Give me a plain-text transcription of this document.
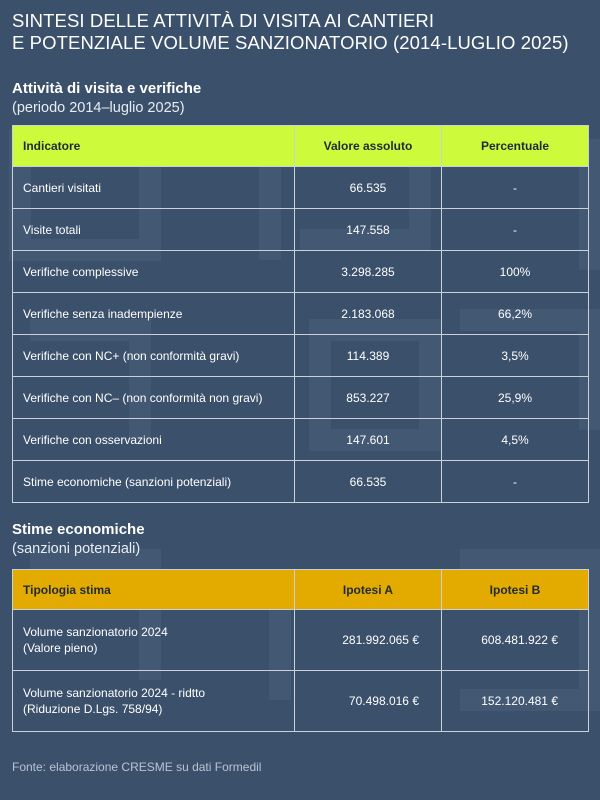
SINTESI DELLE ATTIVITÀ DI VISITA AI CANTIERI
E POTENZIALE VOLUME SANZIONATORIO (2014-LUGLIO 2025)
Attività di visita e verifiche
(periodo 2014–luglio 2025)
Indicatore	Valore assoluto	Percentuale
Cantieri visitati	66.535	-
Visite totali	147.558	-
Verifiche complessive	3.298.285	100%
Verifiche senza inadempienze	2.183.068	66,2%
Verifiche con NC+ (non conformità gravi)	114.389	3,5%
Verifiche con NC– (non conformità non gravi)	853.227	25,9%
Verifiche con osservazioni	147.601	4,5%
Stime economiche (sanzioni potenziali)	66.535	-
Stime economiche
(sanzioni potenziali)
Tipologia stima	Ipotesi A	Ipotesi B

Volume sanzionatorio 2024
(Valore pieno)	281.992.065 €	608.481.922 €

Volume sanzionatorio 2024 - ridtto
(Riduzione D.Lgs. 758/94)	70.498.016 €	152.120.481 €
Fonte: elaborazione CRESME su dati Formedil
